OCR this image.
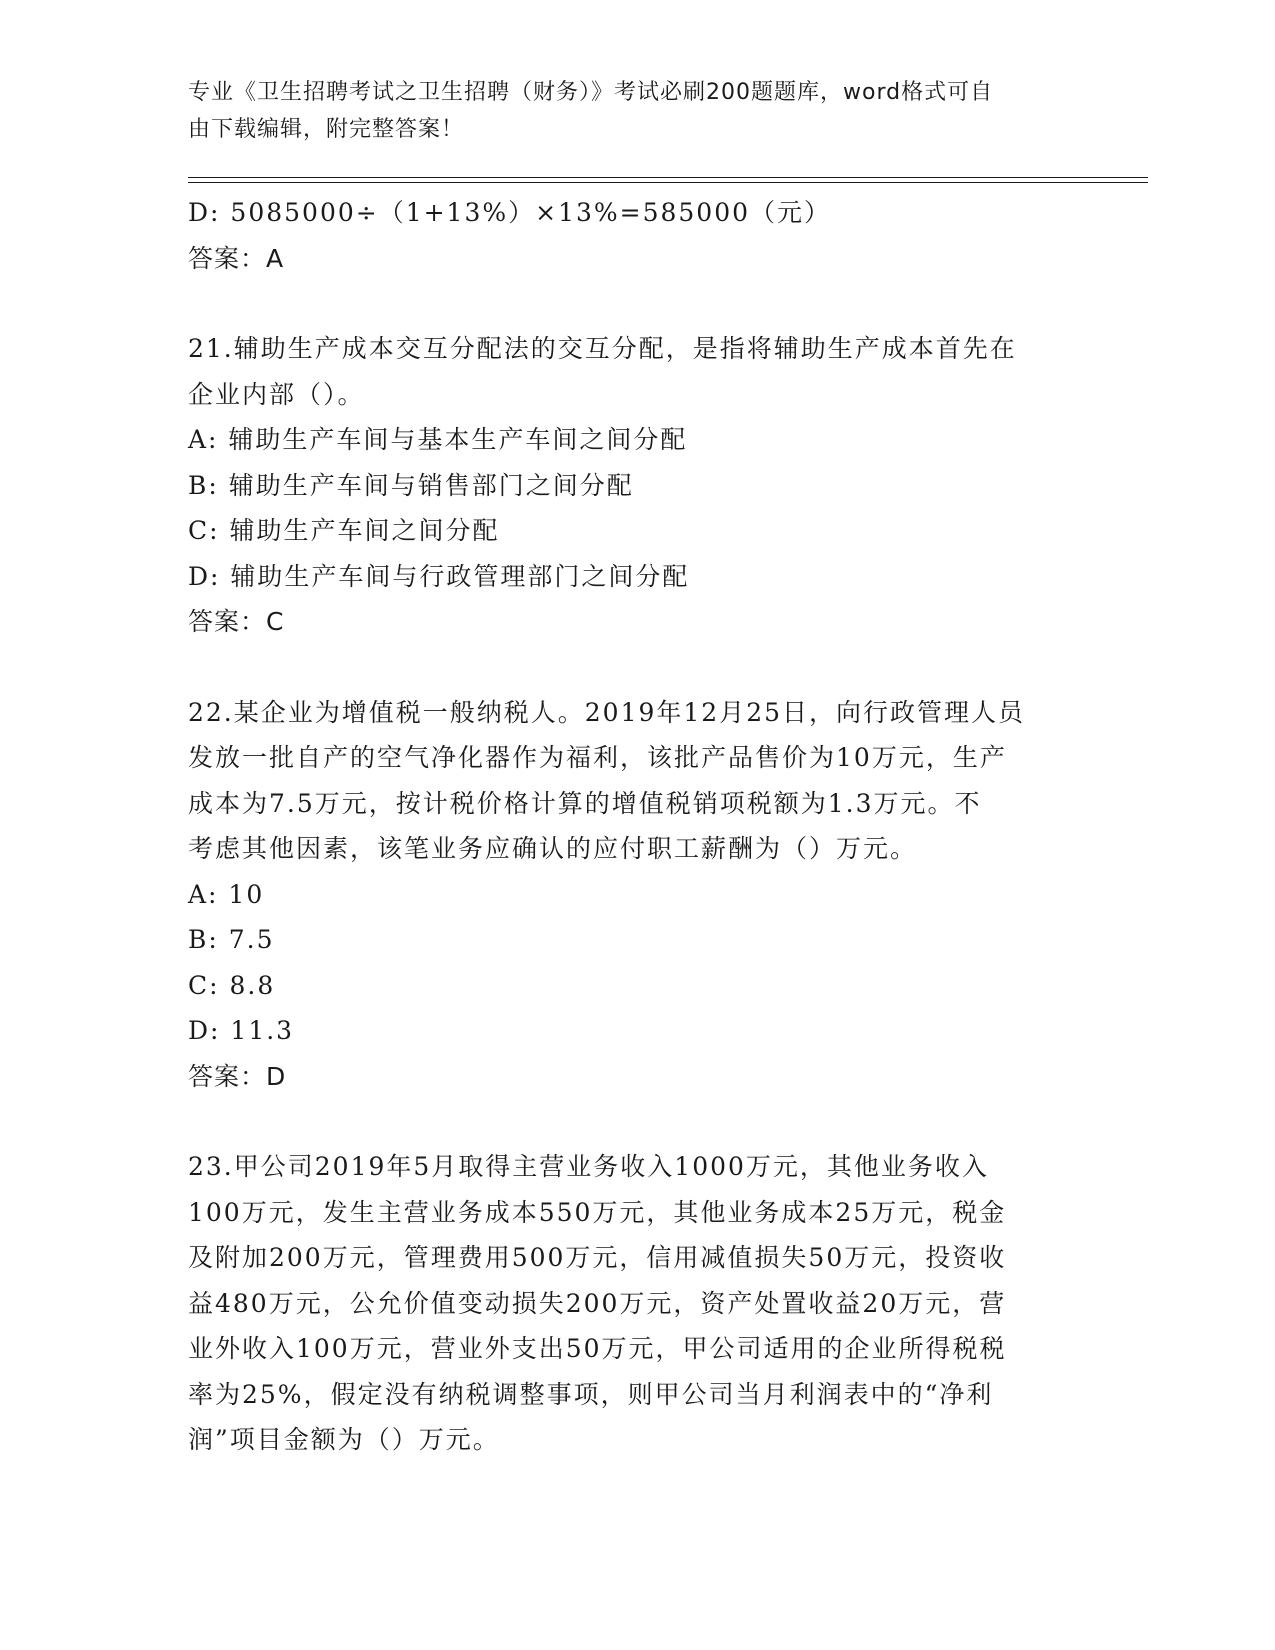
专业《卫生招聘考试之卫生招聘（财务）》考试必刷200题题库，word格式可自
由下载编辑，附完整答案！
D: 5085000÷（1+13%）×13%=585000（元）
答案：A
21.辅助生产成本交互分配法的交互分配，是指将辅助生产成本首先在
企业内部（）。
A: 辅助生产车间与基本生产车间之间分配
B: 辅助生产车间与销售部门之间分配
C: 辅助生产车间之间分配
D: 辅助生产车间与行政管理部门之间分配
答案：C
22.某企业为增值税一般纳税人。2019年12月25日，向行政管理人员
发放一批自产的空气净化器作为福利，该批产品售价为10万元，生产
成本为7.5万元，按计税价格计算的增值税销项税额为1.3万元。不
考虑其他因素，该笔业务应确认的应付职工薪酬为（）万元。
A: 10
B: 7.5
C: 8.8
D: 11.3
答案：D
23.甲公司2019年5月取得主营业务收入1000万元，其他业务收入
100万元，发生主营业务成本550万元，其他业务成本25万元，税金
及附加200万元，管理费用500万元，信用减值损失50万元，投资收
益480万元，公允价值变动损失200万元，资产处置收益20万元，营
业外收入100万元，营业外支出50万元，甲公司适用的企业所得税税
率为25%，假定没有纳税调整事项，则甲公司当月利润表中的“净利
润”项目金额为（）万元。
